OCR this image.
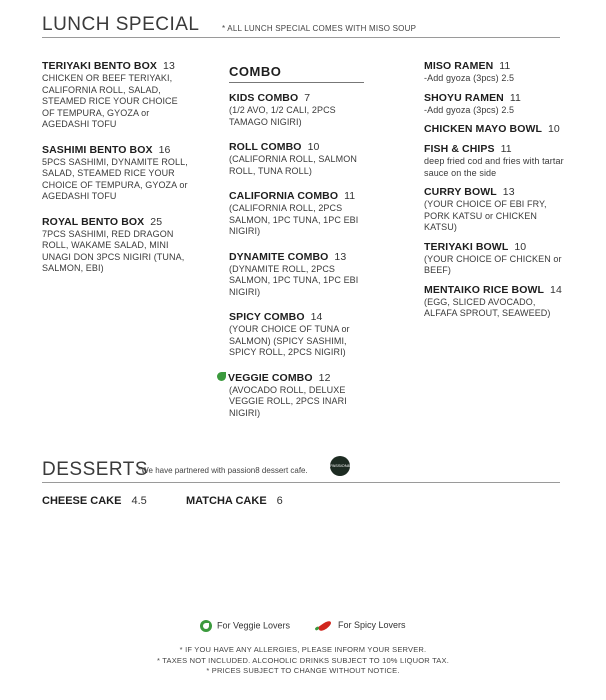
LUNCH SPECIAL	* ALL LUNCH SPECIAL COMES WITH MISO SOUP
TERIYAKI BENTO BOX 13
CHICKEN OR BEEF TERIYAKI, CALIFORNIA ROLL, SALAD, STEAMED RICE YOUR CHOICE OF TEMPURA, GYOZA or AGEDASHI TOFU
SASHIMI BENTO BOX 16
5PCS SASHIMI, DYNAMITE ROLL, SALAD, STEAMED RICE YOUR CHOICE OF TEMPURA, GYOZA or AGEDASHI TOFU
ROYAL BENTO BOX 25
7PCS SASHIMI, RED DRAGON ROLL, WAKAME SALAD, MINI UNAGI DON 3PCS NIGIRI (TUNA, SALMON, EBI)
COMBO
KIDS COMBO 7
(1/2 AVO, 1/2 CALI, 2PCS TAMAGO NIGIRI)
ROLL COMBO 10
(CALIFORNIA ROLL, SALMON ROLL, TUNA ROLL)
CALIFORNIA COMBO 11
(CALIFORNIA ROLL, 2PCS SALMON, 1PC TUNA, 1PC EBI NIGIRI)
DYNAMITE COMBO 13
(DYNAMITE ROLL, 2PCS SALMON, 1PC TUNA, 1PC EBI NIGIRI)
SPICY COMBO 14
(YOUR CHOICE OF TUNA or SALMON) (SPICY SASHIMI, SPICY ROLL, 2PCS NIGIRI)
VEGGIE COMBO 12
(AVOCADO ROLL, DELUXE VEGGIE ROLL, 2PCS INARI NIGIRI)
MISO RAMEN 11
-Add gyoza (3pcs) 2.5
SHOYU RAMEN 11
-Add gyoza (3pcs) 2.5
CHICKEN MAYO BOWL 10
FISH & CHIPS 11
deep fried cod and fries with tartar sauce on the side
CURRY BOWL 13
(YOUR CHOICE OF EBI FRY, PORK KATSU or CHICKEN KATSU)
TERIYAKI BOWL 10
(YOUR CHOICE OF CHICKEN or BEEF)
MENTAIKO RICE BOWL 14
(EGG, SLICED AVOCADO, ALFAFA SPROUT, SEAWEED)
DESSERTS
*We have partnered with passion8 dessert cafe.
PASSION8
CHEESE CAKE 4.5	MATCHA CAKE 6
For Veggie Lovers	For Spicy Lovers
* IF YOU HAVE ANY ALLERGIES, PLEASE INFORM YOUR SERVER.
* TAXES NOT INCLUDED. ALCOHOLIC DRINKS SUBJECT TO 10% LIQUOR TAX.
* PRICES SUBJECT TO CHANGE WITHOUT NOTICE.
